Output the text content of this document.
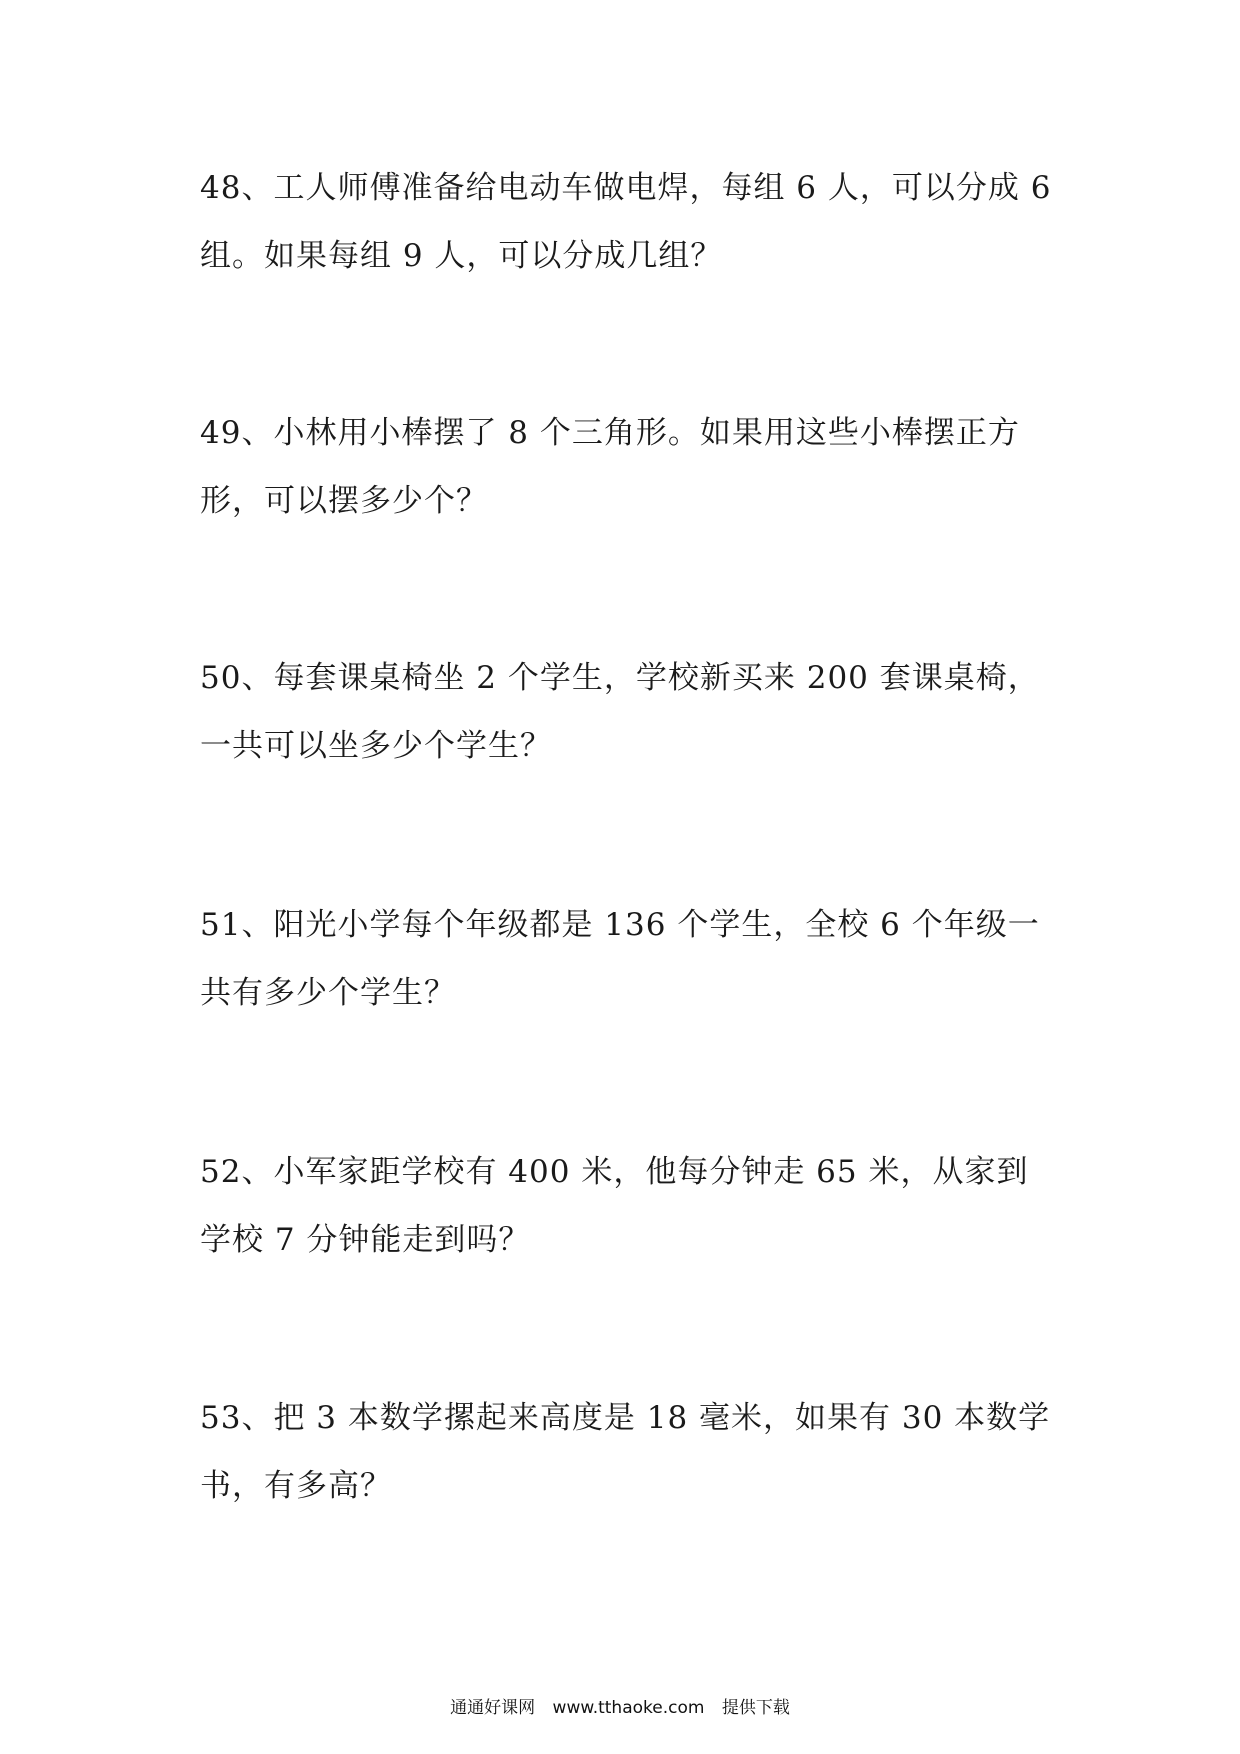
48、工人师傅准备给电动车做电焊，每组 6 人，可以分成 6 组。如果每组 9 人，可以分成几组？

49、小林用小棒摆了 8 个三角形。如果用这些小棒摆正方形，可以摆多少个？

50、每套课桌椅坐 2 个学生，学校新买来 200 套课桌椅，一共可以坐多少个学生？

51、阳光小学每个年级都是 136 个学生，全校 6 个年级一共有多少个学生？

52、小军家距学校有 400 米，他每分钟走 65 米，从家到学校 7 分钟能走到吗？

53、把 3 本数学摞起来高度是 18 毫米，如果有 30 本数学书，有多高？

通通好课网 www.tthaoke.com 提供下载
